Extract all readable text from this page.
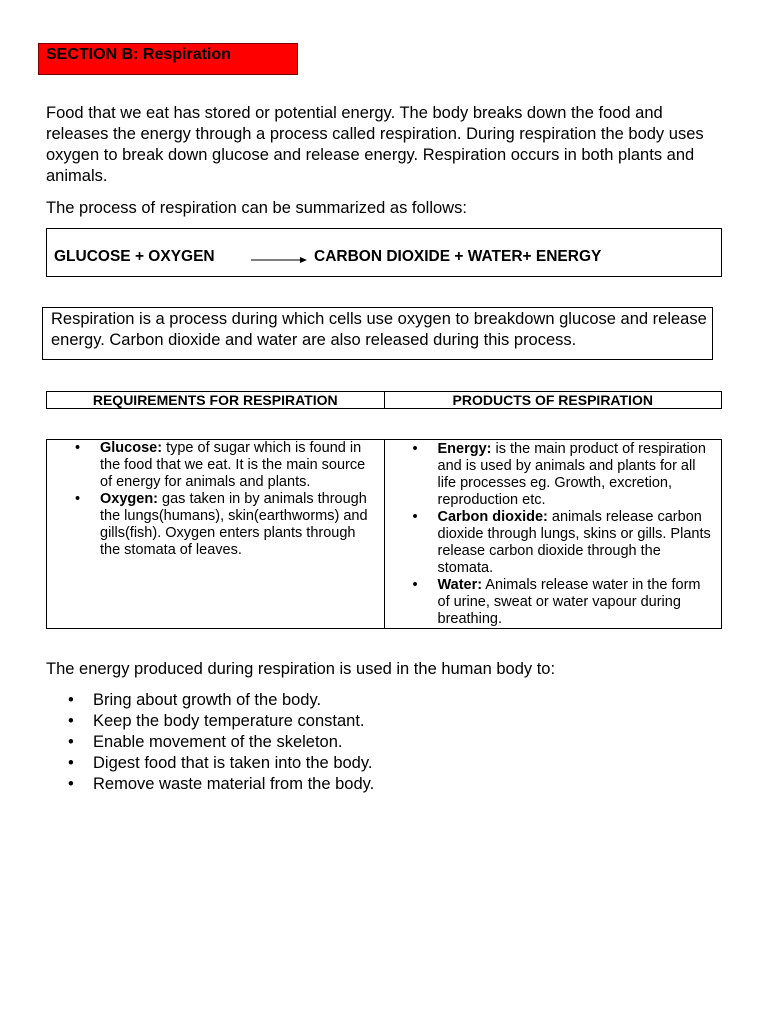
SECTION B: Respiration

Food that we eat has stored or potential energy. The body breaks down the food and releases the energy through a process called respiration. During respiration the body uses oxygen to break down glucose and release energy. Respiration occurs in both plants and animals.

The process of respiration can be summarized as follows:

GLUCOSE + OXYGEN	CARBON DIOXIDE + WATER+ ENERGY
Respiration is a process during which cells use oxygen to breakdown glucose and release energy. Carbon dioxide and water are also released during this process.
REQUIREMENTS FOR RESPIRATION	PRODUCTS OF RESPIRATION
• Glucose: type of sugar which is found in the food that we eat. It is the main source of energy for animals and plants.
• Oxygen: gas taken in by animals through the lungs(humans), skin(earthworms) and gills(fish). Oxygen enters plants through the stomata of leaves.
• Energy: is the main product of respiration and is used by animals and plants for all life processes eg. Growth, excretion, reproduction etc.
• Carbon dioxide: animals release carbon dioxide through lungs, skins or gills. Plants release carbon dioxide through the stomata.
• Water: Animals release water in the form of urine, sweat or water vapour during breathing.

The energy produced during respiration is used in the human body to:

• Bring about growth of the body.
• Keep the body temperature constant.
• Enable movement of the skeleton.
• Digest food that is taken into the body.
• Remove waste material from the body.
